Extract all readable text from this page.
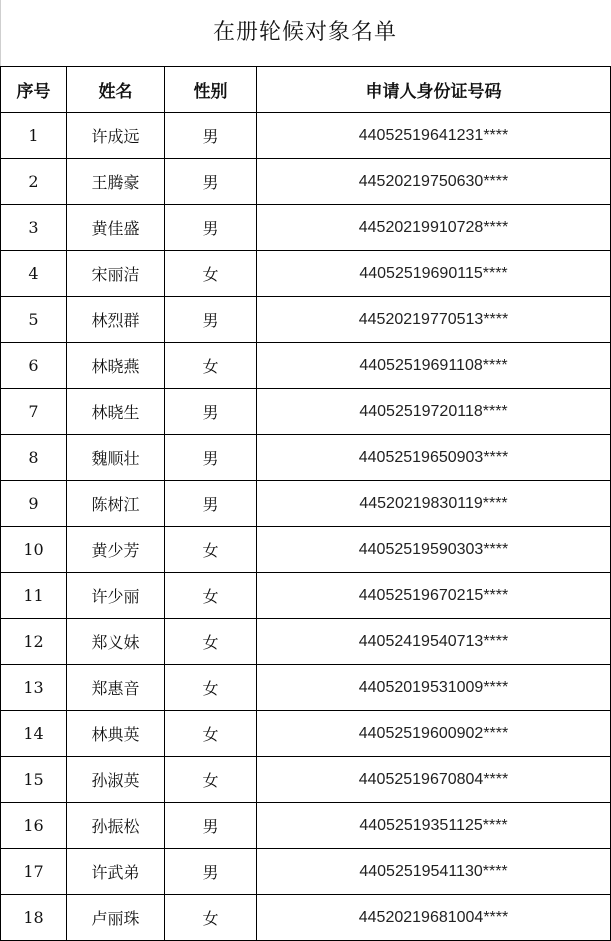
在册轮候对象名单
序号	姓名	性别	申请人身份证号码
1	许成远	男	44052519641231****
2	王腾豪	男	44520219750630****
3	黄佳盛	男	44520219910728****
4	宋丽洁	女	44052519690115****
5	林烈群	男	44520219770513****
6	林晓燕	女	44052519691108****
7	林晓生	男	44052519720118****
8	魏顺壮	男	44052519650903****
9	陈树江	男	44520219830119****
10	黄少芳	女	44052519590303****
11	许少丽	女	44052519670215****
12	郑义妹	女	44052419540713****
13	郑惠音	女	44052019531009****
14	林典英	女	44052519600902****
15	孙淑英	女	44052519670804****
16	孙振松	男	44052519351125****
17	许武弟	男	44052519541130****
18	卢丽珠	女	44520219681004****
